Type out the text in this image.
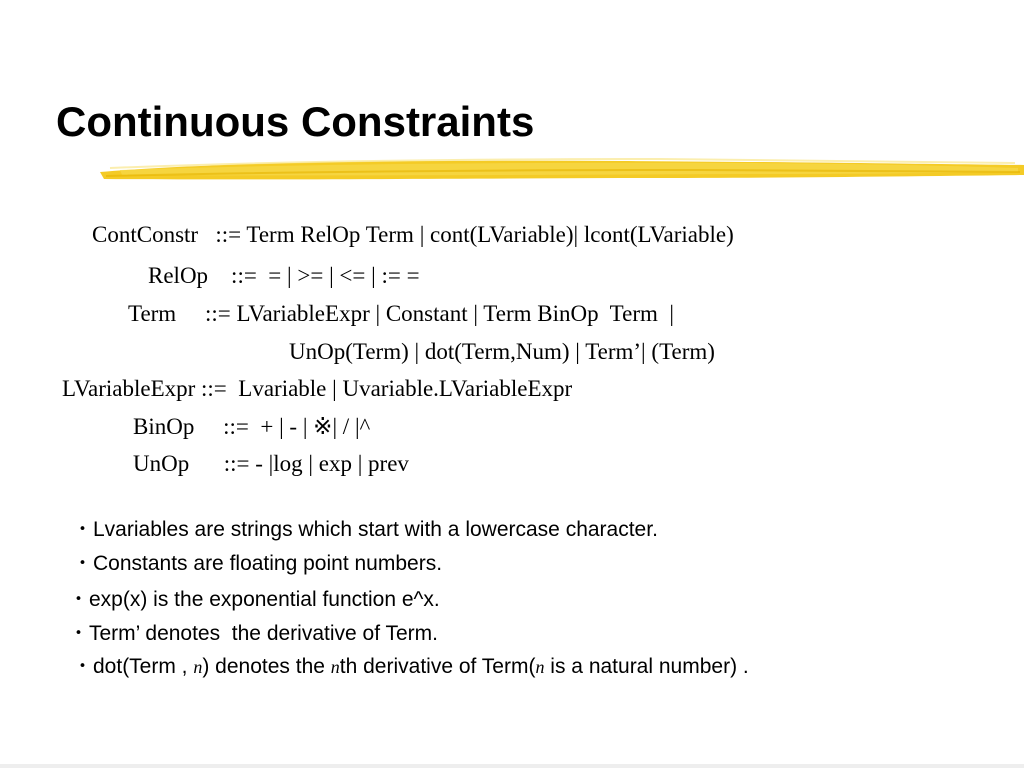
Continuous Constraints
ContConstr   ::= Term RelOp Term | cont(LVariable)| lcont(LVariable)
RelOp    ::=  = | >= | <= | := =
Term     ::= LVariableExpr | Constant | Term BinOp  Term  |
UnOp(Term) | dot(Term,Num) | Term’| (Term)
LVariableExpr ::=  Lvariable | Uvariable.LVariableExpr
BinOp     ::=  + | - | ※| / |^
UnOp      ::= - |log | exp | prev
・Lvariables are strings which start with a lowercase character.
・Constants are floating point numbers.
・exp(x) is the exponential function e^x.
・Term’ denotes  the derivative of Term.
・dot(Term , n) denotes the nth derivative of Term(n is a natural number) .
